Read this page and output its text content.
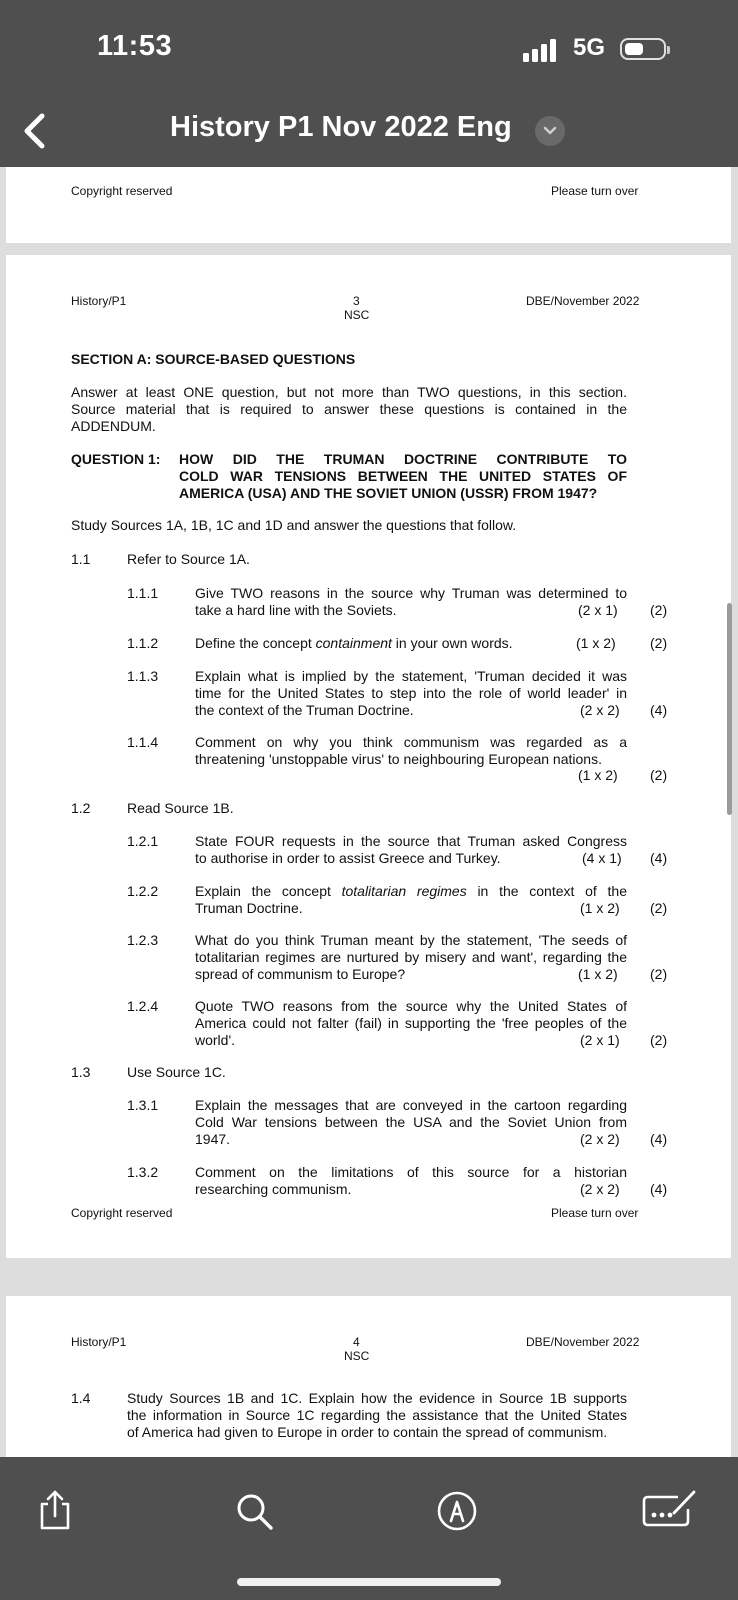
11:53	5G
History P1 Nov 2022 Eng
Copyright reserved	Please turn over
History/P1	3
NSC
DBE/November 2022
SECTION A: SOURCE-BASED QUESTIONS
Answer at least ONE question, but not more than TWO questions, in this section.
Source material that is required to answer these questions is contained in the
ADDENDUM.
QUESTION 1: HOW DID THE TRUMAN DOCTRINE CONTRIBUTE TO
COLD WAR TENSIONS BETWEEN THE UNITED STATES OF
AMERICA (USA) AND THE SOVIET UNION (USSR) FROM 1947?
Study Sources 1A, 1B, 1C and 1D and answer the questions that follow.
1.1	Refer to Source 1A.
1.1.1	Give TWO reasons in the source why Truman was determined to
take a hard line with the Soviets.	(2 x 1) (2)
1.1.2	Define the concept containment in your own words.	(1 x 2) (2)
1.1.3	Explain what is implied by the statement, 'Truman decided it was
time for the United States to step into the role of world leader' in
the context of the Truman Doctrine.	(2 x 2) (4)
1.1.4	Comment on why you think communism was regarded as a
threatening 'unstoppable virus' to neighbouring European nations.
(1 x 2) (2)
1.2	Read Source 1B.
1.2.1	State FOUR requests in the source that Truman asked Congress
to authorise in order to assist Greece and Turkey.	(4 x 1) (4)
1.2.2	Explain the concept totalitarian regimes in the context of the
Truman Doctrine.	(1 x 2) (2)
1.2.3	What do you think Truman meant by the statement, 'The seeds of
totalitarian regimes are nurtured by misery and want', regarding the
spread of communism to Europe?	(1 x 2) (2)
1.2.4	Quote TWO reasons from the source why the United States of
America could not falter (fail) in supporting the 'free peoples of the
world'.	(2 x 1) (2)
1.3	Use Source 1C.
1.3.1	Explain the messages that are conveyed in the cartoon regarding
Cold War tensions between the USA and the Soviet Union from
1947.	(2 x 2) (4)
1.3.2	Comment on the limitations of this source for a historian
researching communism.	(2 x 2) (4)
Copyright reserved	Please turn over
History/P1	4
NSC
DBE/November 2022
1.4	Study Sources 1B and 1C. Explain how the evidence in Source 1B supports
the information in Source 1C regarding the assistance that the United States
of America had given to Europe in order to contain the spread of communism.
